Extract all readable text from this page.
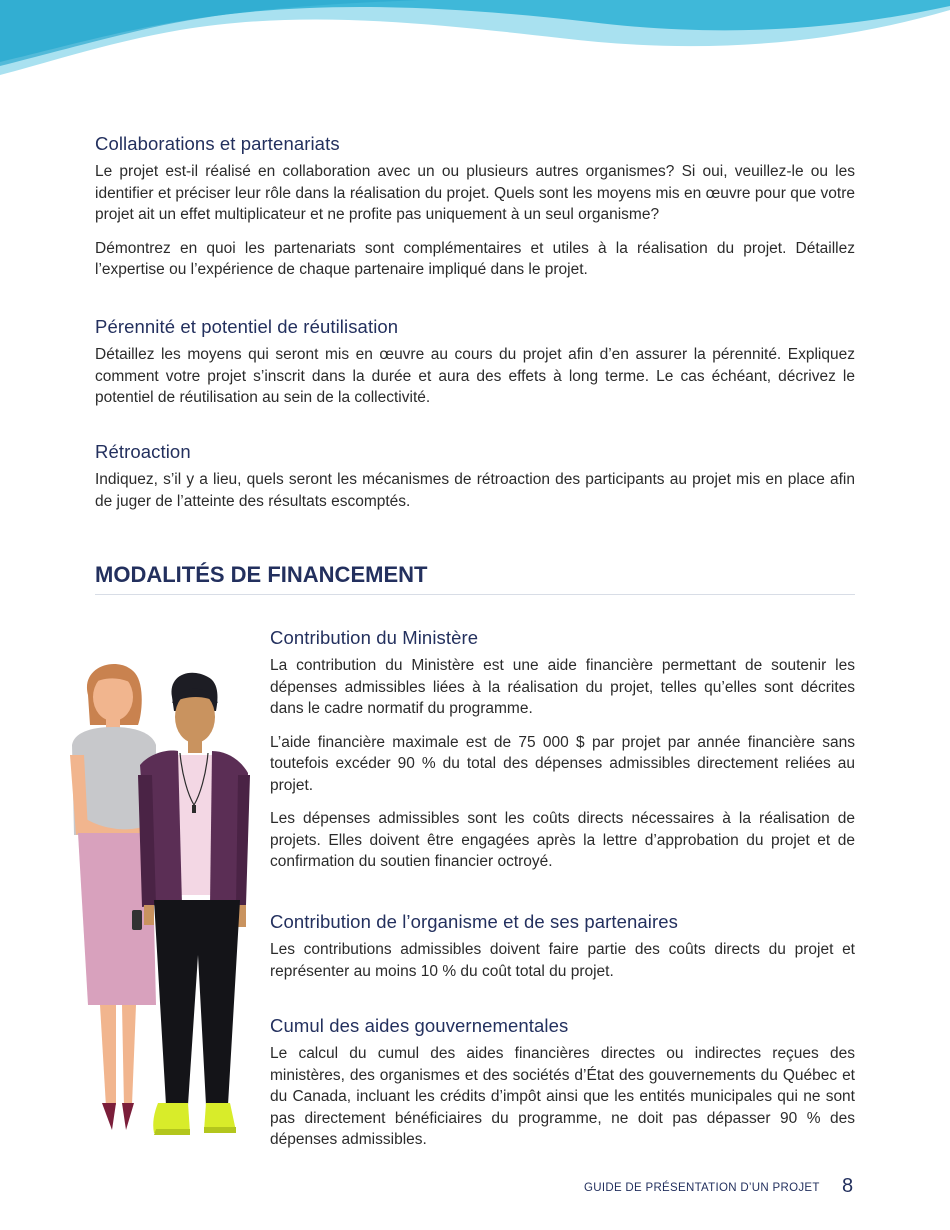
Collaborations et partenariats

Le projet est-il réalisé en collaboration avec un ou plusieurs autres organismes? Si oui, veuillez-le ou les identifier et préciser leur rôle dans la réalisation du projet. Quels sont les moyens mis en œuvre pour que votre projet ait un effet multiplicateur et ne profite pas uniquement à un seul organisme?

Démontrez en quoi les partenariats sont complémentaires et utiles à la réalisation du projet. Détaillez l’expertise ou l’expérience de chaque partenaire impliqué dans le projet.

Pérennité et potentiel de réutilisation

Détaillez les moyens qui seront mis en œuvre au cours du projet afin d’en assurer la pérennité. Expliquez comment votre projet s’inscrit dans la durée et aura des effets à long terme. Le cas échéant, décrivez le potentiel de réutilisation au sein de la collectivité.

Rétroaction

Indiquez, s’il y a lieu, quels seront les mécanismes de rétroaction des participants au projet mis en place afin de juger de l’atteinte des résultats escomptés.

MODALITÉS DE FINANCEMENT
Contribution du Ministère

La contribution du Ministère est une aide financière permettant de soutenir les dépenses admissibles liées à la réalisation du projet, telles qu’elles sont décrites dans le cadre normatif du programme.

L’aide financière maximale est de 75 000 $ par projet par année financière sans toutefois excéder 90 % du total des dépenses admissibles directement reliées au projet.

Les dépenses admissibles sont les coûts directs nécessaires à la réalisation de projets. Elles doivent être engagées après la lettre d’approbation du projet et de confirmation du soutien financier octroyé.

Contribution de l’organisme et de ses partenaires

Les contributions admissibles doivent faire partie des coûts directs du projet et représenter au moins 10 % du coût total du projet.

Cumul des aides gouvernementales

Le calcul du cumul des aides financières directes ou indirectes reçues des ministères, des organismes et des sociétés d’État des gouvernements du Québec et du Canada, incluant les crédits d’impôt ainsi que les entités municipales qui ne sont pas directement bénéficiaires du programme, ne doit pas dépasser 90 % des dépenses admissibles.

GUIDE DE PRÉSENTATION D’UN PROJET 8
